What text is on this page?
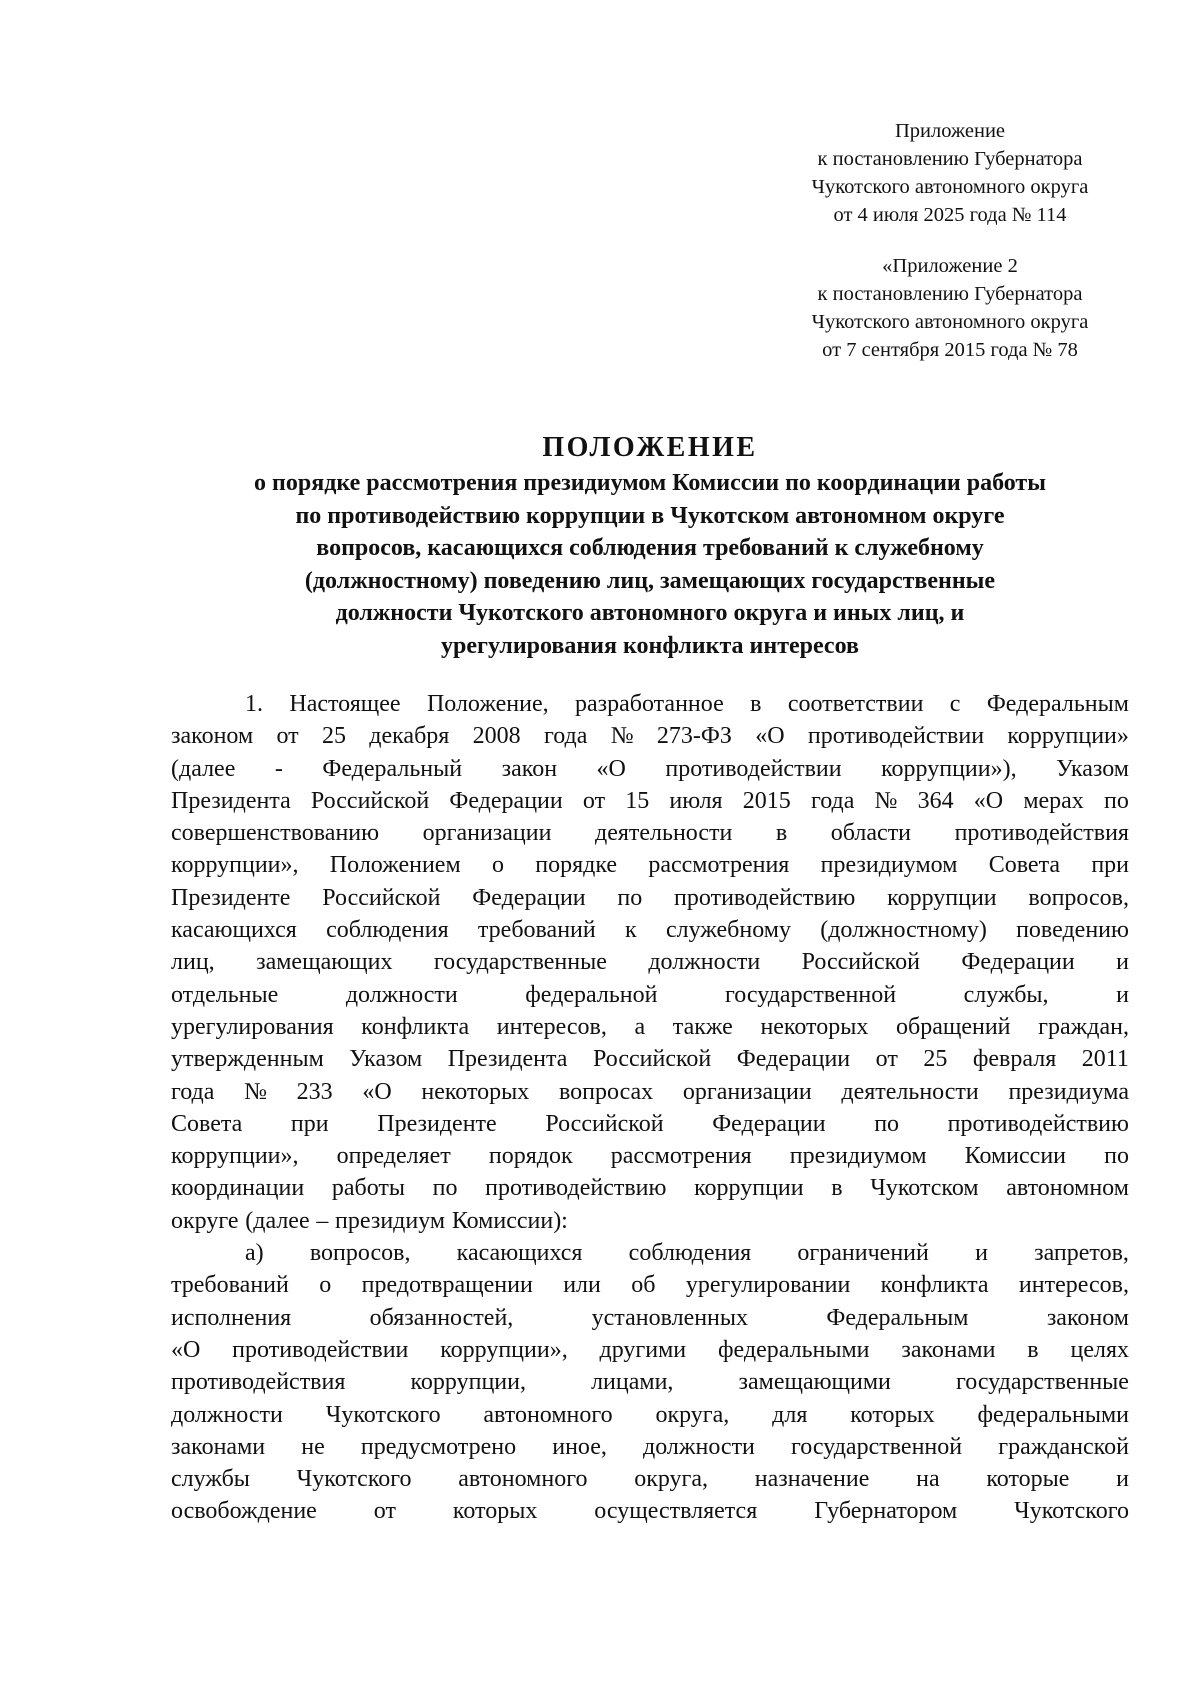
Приложение
к постановлению Губернатора
Чукотского автономного округа
от 4 июля 2025 года № 114
«Приложение 2
к постановлению Губернатора
Чукотского автономного округа
от 7 сентября 2015 года № 78
ПОЛОЖЕНИЕ
о порядке рассмотрения президиумом Комиссии по координации работы
по противодействию коррупции в Чукотском автономном округе
вопросов, касающихся соблюдения требований к служебному
(должностному) поведению лиц, замещающих государственные
должности Чукотского автономного округа и иных лиц, и
урегулирования конфликта интересов
1. Настоящее Положение, разработанное в соответствии с Федеральным
законом от 25 декабря 2008 года № 273-ФЗ «О противодействии коррупции»
(далее - Федеральный закон «О противодействии коррупции»), Указом
Президента Российской Федерации от 15 июля 2015 года № 364 «О мерах по
совершенствованию организации деятельности в области противодействия
коррупции», Положением о порядке рассмотрения президиумом Совета при
Президенте Российской Федерации по противодействию коррупции вопросов,
касающихся соблюдения требований к служебному (должностному) поведению
лиц, замещающих государственные должности Российской Федерации и
отдельные	должности	федеральной	государственной	службы,	и
урегулирования конфликта интересов, а также некоторых обращений граждан,
утвержденным Указом Президента Российской Федерации от 25 февраля 2011
года № 233 «О некоторых вопросах организации деятельности президиума
Совета при Президенте Российской Федерации по противодействию
коррупции», определяет порядок рассмотрения президиумом Комиссии по
координации работы по противодействию коррупции в Чукотском автономном
округе (далее – президиум Комиссии):
а) вопросов, касающихся соблюдения ограничений и запретов,
требований о предотвращении или об урегулировании конфликта интересов,
исполнения	обязанностей,	установленных	Федеральным	законом
«О противодействии коррупции», другими федеральными законами в целях
противодействия	коррупции,	лицами,	замещающими	государственные
должности Чукотского автономного округа, для которых федеральными
законами не предусмотрено иное, должности государственной гражданской
службы Чукотского автономного округа, назначение на которые и
освобождение от которых осуществляется Губернатором Чукотского
